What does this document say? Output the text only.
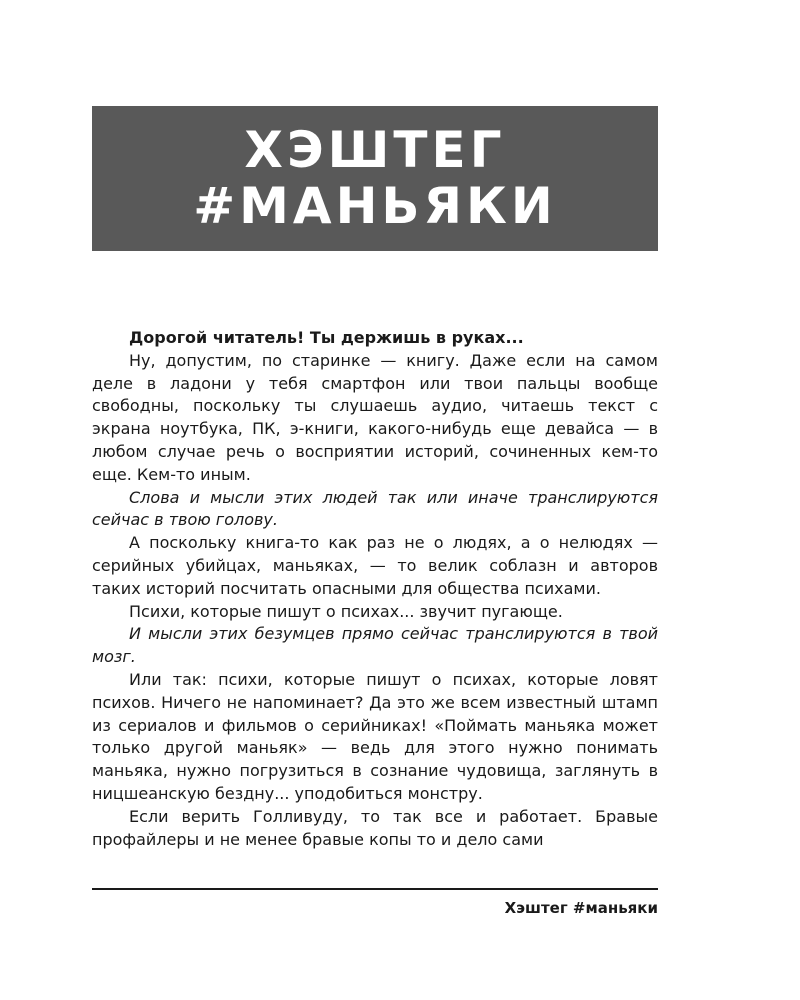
ХЭШТЕГ
#МАНЬЯКИ

Дорогой читатель! Ты держишь в руках...

Ну, допустим, по старинке — книгу. Даже если на самом деле в ладони у тебя смартфон или твои пальцы вообще свободны, поскольку ты слушаешь аудио, читаешь текст с экрана ноутбука, ПК, э-книги, какого-нибудь еще девайса — в любом случае речь о восприятии историй, сочиненных кем-то еще. Кем-то иным.

Слова и мысли этих людей так или иначе транслируются сейчас в твою голову.

А поскольку книга-то как раз не о людях, а о нелюдях — серийных убийцах, маньяках, — то велик соблазн и авторов таких историй посчитать опасными для общества психами.

Психи, которые пишут о психах... звучит пугающе.

И мысли этих безумцев прямо сейчас транслируются в твой мозг.

Или так: психи, которые пишут о психах, которые ловят психов. Ничего не напоминает? Да это же всем известный штамп из сериалов и фильмов о серийниках! «Поймать маньяка может только другой маньяк» — ведь для этого нужно понимать маньяка, нужно погрузиться в сознание чудовища, заглянуть в ницшеанскую бездну... уподобиться монстру.

Если верить Голливуду, то так все и работает. Бравые профайлеры и не менее бравые копы то и дело сами

Хэштег #маньяки
